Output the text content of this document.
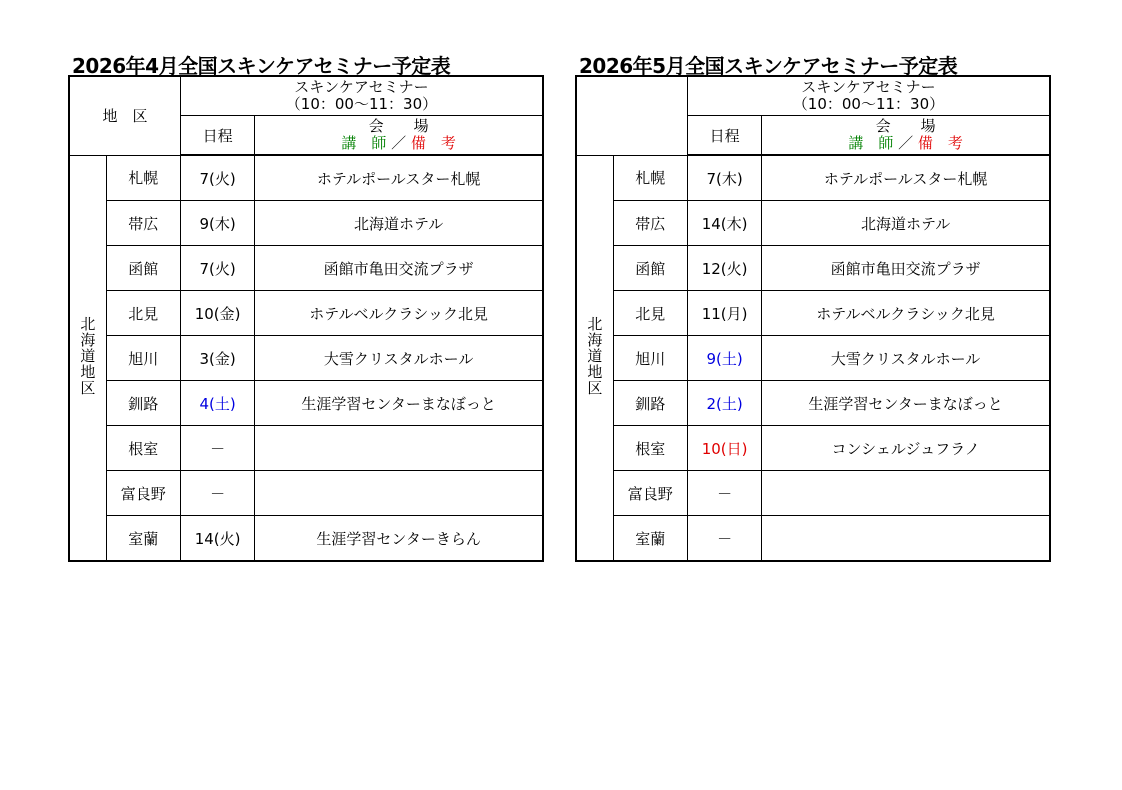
2026年4月全国スキンケアセミナー予定表	2026年5月全国スキンケアセミナー予定表
地　区		スキンケアセミナー
（10：00～11：30）	

		日程	会　　場
講　師 ／ 備　考

北海道地区	札幌	7(火)	ホテルポールスター札幌
	帯広	9(木)	北海道ホテル
	函館	7(火)	函館市亀田交流プラザ
	北見	10(金)	ホテルベルクラシック北見
	旭川	3(金)	大雪クリスタルホール
	釧路	4(土)	生涯学習センターまなぼっと
	根室	－	
	富良野	－	
	室蘭	14(火)	生涯学習センターきらん

		スキンケアセミナー
（10：00～11：30）	

		日程	会　　場
講　師 ／ 備　考

北海道地区	札幌	7(木)	ホテルポールスター札幌
	帯広	14(木)	北海道ホテル
	函館	12(火)	函館市亀田交流プラザ
	北見	11(月)	ホテルベルクラシック北見
	旭川	9(土)	大雪クリスタルホール
	釧路	2(土)	生涯学習センターまなぼっと
	根室	10(日)	コンシェルジュフラノ
	富良野	－	
	室蘭	－	
